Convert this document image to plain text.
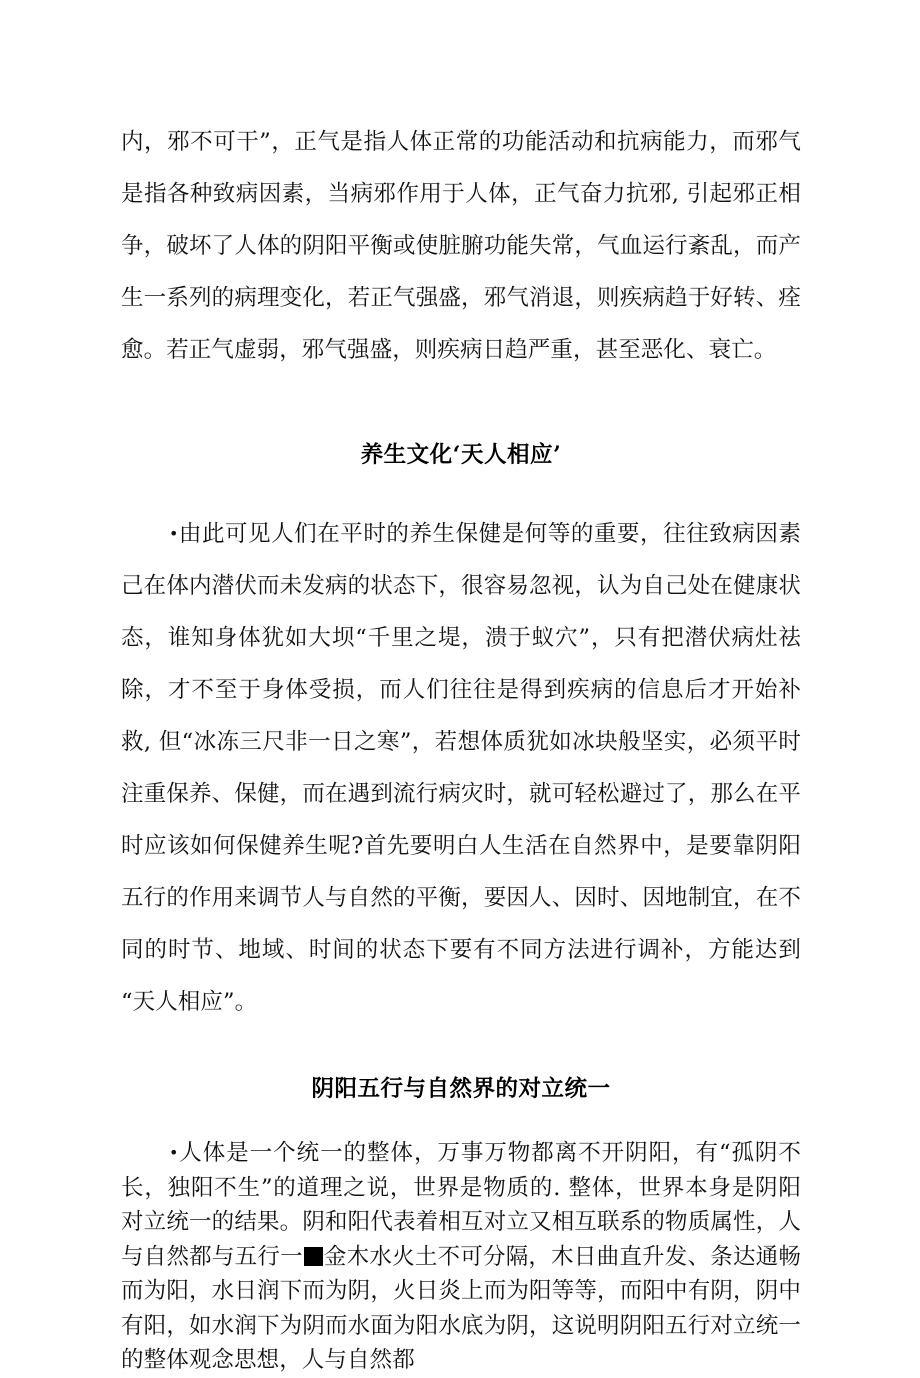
内，邪不可干”，正气是指人体正常的功能活动和抗病能力，而邪气是指各种致病因素，当病邪作用于人体，正气奋力抗邪, 引起邪正相争，破坏了人体的阴阳平衡或使脏腑功能失常，气血运行紊乱，而产生一系列的病理变化，若正气强盛，邪气消退，则疾病趋于好转、痊愈。若正气虚弱，邪气强盛，则疾病日趋严重，甚至恶化、衰亡。

养生文化‘天人相应’

•由此可见人们在平时的养生保健是何等的重要，往往致病因素己在体内潜伏而未发病的状态下，很容易忽视，认为自己处在健康状态，谁知身体犹如大坝“千里之堤，溃于蚁穴”，只有把潜伏病灶祛除，才不至于身体受损，而人们往往是得到疾病的信息后才开始补救, 但“冰冻三尺非一日之寒”，若想体质犹如冰块般坚实，必须平时注重保养、保健，而在遇到流行病灾时，就可轻松避过了，那么在平时应该如何保健养生呢?首先要明白人生活在自然界中，是要靠阴阳五行的作用来调节人与自然的平衡，要因人、因时、因地制宜，在不同的时节、地域、时间的状态下要有不同方法进行调补，方能达到“天人相应”。

阴阳五行与自然界的对立统一

•人体是一个统一的整体，万事万物都离不开阴阳，有“孤阴不长，独阳不生”的道理之说，世界是物质的. 整体，世界本身是阴阳对立统一的结果。阴和阳代表着相互对立又相互联系的物质属性，人与自然都与五行一 金木水火土不可分隔，木日曲直升发、条达通畅而为阳，水日润下而为阴，火日炎上而为阳等等，而阳中有阴，阴中有阳，如水润下为阴而水面为阳水底为阴，这说明阴阳五行对立统一的整体观念思想，人与自然都
